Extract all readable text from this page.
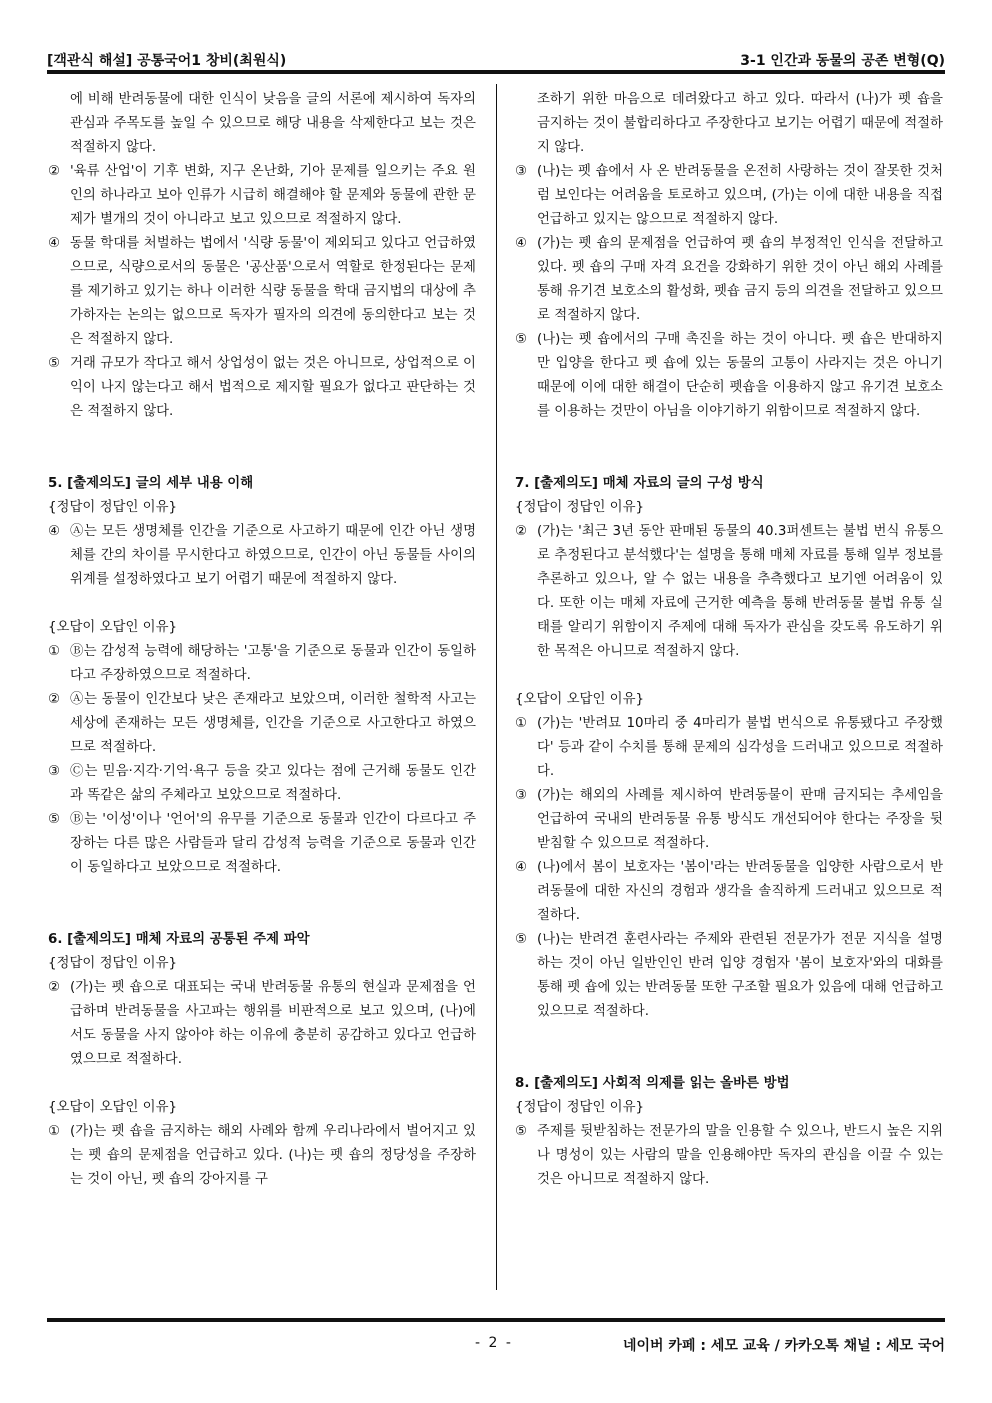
[객관식 해설] 공통국어1 창비(최원식)	3-1 인간과 동물의 공존 변형(Q)

에 비해 반려동물에 대한 인식이 낮음을 글의 서론에 제시하여 독자의 관심과 주목도를 높일 수 있으므로 해당 내용을 삭제한다고 보는 것은 적절하지 않다.

② '육류 산업'이 기후 변화, 지구 온난화, 기아 문제를 일으키는 주요 원인의 하나라고 보아 인류가 시급히 해결해야 할 문제와 동물에 관한 문제가 별개의 것이 아니라고 보고 있으므로 적절하지 않다.
④ 동물 학대를 처벌하는 법에서 '식량 동물'이 제외되고 있다고 언급하였으므로, 식량으로서의 동물은 '공산품'으로서 역할로 한정된다는 문제를 제기하고 있기는 하나 이러한 식량 동물을 학대 금지법의 대상에 추가하자는 논의는 없으므로 독자가 필자의 의견에 동의한다고 보는 것은 적절하지 않다.
⑤ 거래 규모가 작다고 해서 상업성이 없는 것은 아니므로, 상업적으로 이익이 나지 않는다고 해서 법적으로 제지할 필요가 없다고 판단하는 것은 적절하지 않다.

5. [출제의도] 글의 세부 내용 이해

{정답이 정답인 이유}

④ Ⓐ는 모든 생명체를 인간을 기준으로 사고하기 때문에 인간 아닌 생명체를 간의 차이를 무시한다고 하였으므로, 인간이 아닌 동물들 사이의 위계를 설정하였다고 보기 어렵기 때문에 적절하지 않다.

{오답이 오답인 이유}

① Ⓑ는 감성적 능력에 해당하는 '고통'을 기준으로 동물과 인간이 동일하다고 주장하였으므로 적절하다.
② Ⓐ는 동물이 인간보다 낮은 존재라고 보았으며, 이러한 철학적 사고는 세상에 존재하는 모든 생명체를, 인간을 기준으로 사고한다고 하였으므로 적절하다.
③ Ⓒ는 믿음·지각·기억·욕구 등을 갖고 있다는 점에 근거해 동물도 인간과 똑같은 삶의 주체라고 보았으므로 적절하다.
⑤ Ⓑ는 '이성'이나 '언어'의 유무를 기준으로 동물과 인간이 다르다고 주장하는 다른 많은 사람들과 달리 감성적 능력을 기준으로 동물과 인간이 동일하다고 보았으므로 적절하다.

6. [출제의도] 매체 자료의 공통된 주제 파악

{정답이 정답인 이유}

② (가)는 펫 숍으로 대표되는 국내 반려동물 유통의 현실과 문제점을 언급하며 반려동물을 사고파는 행위를 비판적으로 보고 있으며, (나)에서도 동물을 사지 않아야 하는 이유에 충분히 공감하고 있다고 언급하였으므로 적절하다.

{오답이 오답인 이유}

① (가)는 펫 숍을 금지하는 해외 사례와 함께 우리나라에서 벌어지고 있는 펫 숍의 문제점을 언급하고 있다. (나)는 펫 숍의 정당성을 주장하는 것이 아닌, 펫 숍의 강아지를 구

조하기 위한 마음으로 데려왔다고 하고 있다. 따라서 (나)가 펫 숍을 금지하는 것이 불합리하다고 주장한다고 보기는 어렵기 때문에 적절하지 않다.

③ (나)는 펫 숍에서 사 온 반려동물을 온전히 사랑하는 것이 잘못한 것처럼 보인다는 어려움을 토로하고 있으며, (가)는 이에 대한 내용을 직접 언급하고 있지는 않으므로 적절하지 않다.
④ (가)는 펫 숍의 문제점을 언급하여 펫 숍의 부정적인 인식을 전달하고 있다. 펫 숍의 구매 자격 요건을 강화하기 위한 것이 아닌 해외 사례를 통해 유기견 보호소의 활성화, 펫숍 금지 등의 의견을 전달하고 있으므로 적절하지 않다.
⑤ (나)는 펫 숍에서의 구매 촉진을 하는 것이 아니다. 펫 숍은 반대하지만 입양을 한다고 펫 숍에 있는 동물의 고통이 사라지는 것은 아니기 때문에 이에 대한 해결이 단순히 펫숍을 이용하지 않고 유기견 보호소를 이용하는 것만이 아님을 이야기하기 위함이므로 적절하지 않다.

7. [출제의도] 매체 자료의 글의 구성 방식

{정답이 정답인 이유}

② (가)는 '최근 3년 동안 판매된 동물의 40.3퍼센트는 불법 번식 유통으로 추정된다고 분석했다'는 설명을 통해 매체 자료를 통해 일부 정보를 추론하고 있으나, 알 수 없는 내용을 추측했다고 보기엔 어려움이 있다. 또한 이는 매체 자료에 근거한 예측을 통해 반려동물 불법 유통 실태를 알리기 위함이지 주제에 대해 독자가 관심을 갖도록 유도하기 위한 목적은 아니므로 적절하지 않다.

{오답이 오답인 이유}

① (가)는 '반려묘 10마리 중 4마리가 불법 번식으로 유통됐다고 주장했다' 등과 같이 수치를 통해 문제의 심각성을 드러내고 있으므로 적절하다.
③ (가)는 해외의 사례를 제시하여 반려동물이 판매 금지되는 추세임을 언급하여 국내의 반려동물 유통 방식도 개선되어야 한다는 주장을 뒷받침할 수 있으므로 적절하다.
④ (나)에서 봄이 보호자는 '봄이'라는 반려동물을 입양한 사람으로서 반려동물에 대한 자신의 경험과 생각을 솔직하게 드러내고 있으므로 적절하다.
⑤ (나)는 반려견 훈련사라는 주제와 관련된 전문가가 전문 지식을 설명하는 것이 아닌 일반인인 반려 입양 경험자 '봄이 보호자'와의 대화를 통해 펫 숍에 있는 반려동물 또한 구조할 필요가 있음에 대해 언급하고 있으므로 적절하다.

8. [출제의도] 사회적 의제를 읽는 올바른 방법

{정답이 정답인 이유}

⑤ 주제를 뒷받침하는 전문가의 말을 인용할 수 있으나, 반드시 높은 지위나 명성이 있는 사람의 말을 인용해야만 독자의 관심을 이끌 수 있는 것은 아니므로 적절하지 않다.
- 2 -	네이버 카페 : 세모 교육 / 카카오톡 채널 : 세모 국어
